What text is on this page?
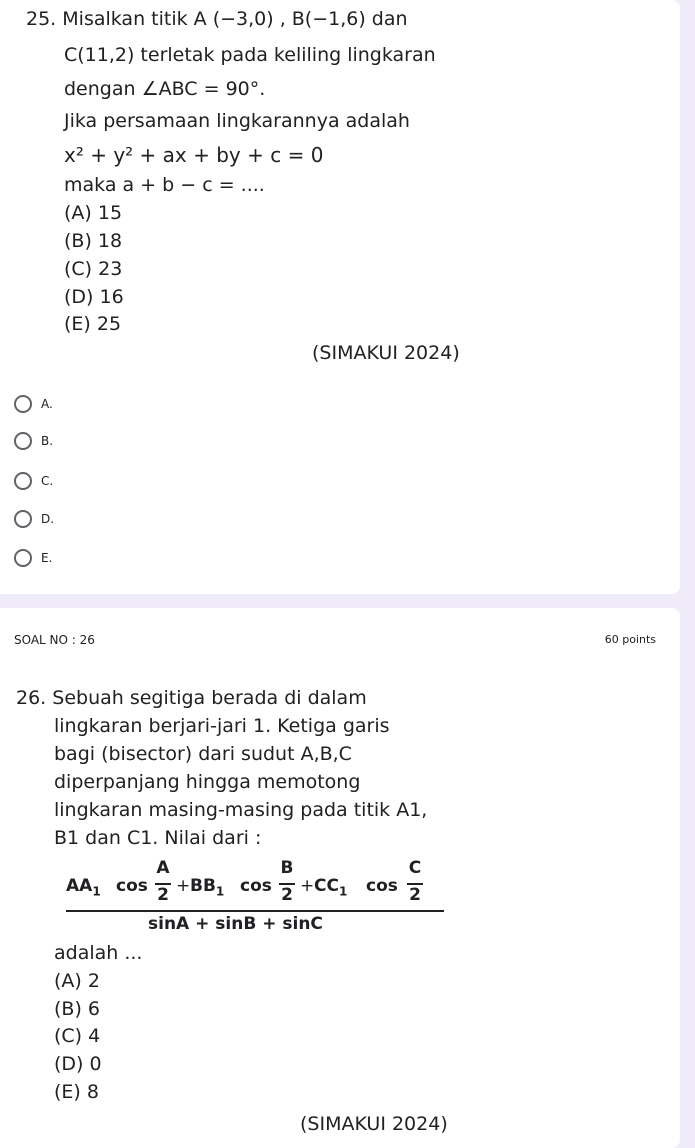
25. Misalkan titik A (−3,0) , B(−1,6) dan
C(11,2) terletak pada keliling lingkaran
dengan ∠ABC = 90°.
Jika persamaan lingkarannya adalah
x² + y² + ax + by + c = 0
maka a + b − c = ....
(A) 15
(B) 18
(C) 23
(D) 16
(E) 25
(SIMAKUI 2024)
A.
B.
C.
D.
E.
SOAL NO : 26	60 points
26. Sebuah segitiga berada di dalam
lingkaran berjari-jari 1. Ketiga garis
bagi (bisector) dari sudut A,B,C
diperpanjang hingga memotong
lingkaran masing-masing pada titik A1,
B1 dan C1. Nilai dari :
$AA_1$ cos
A
$2 + BB_1$ cos
B
$2 + CC_1$ cos
C
2
sinA + sinB + sinC
adalah ...
(A) 2
(B) 6
(C) 4
(D) 0
(E) 8
(SIMAKUI 2024)
